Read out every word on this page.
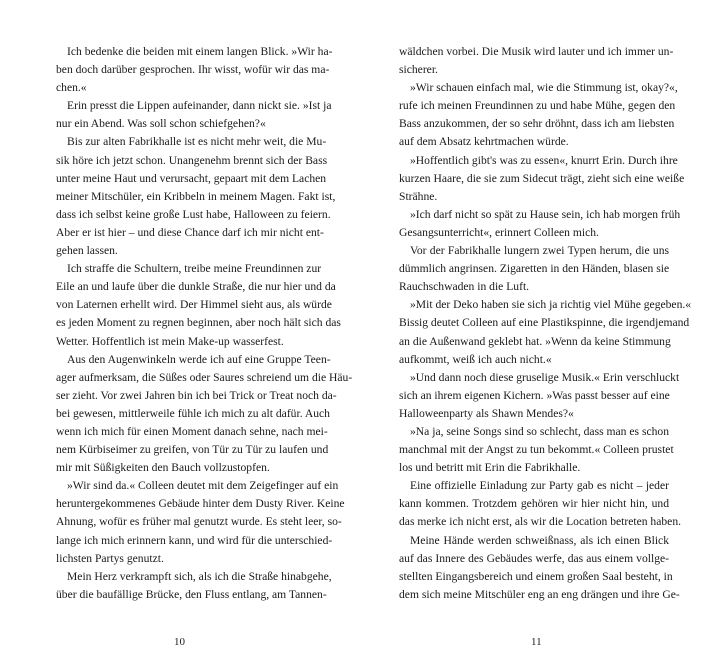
Ich bedenke die beiden mit einem langen Blick. »Wir ha-
ben doch darüber gesprochen. Ihr wisst, wofür wir das ma-
chen.«
Erin presst die Lippen aufeinander, dann nickt sie. »Ist ja
nur ein Abend. Was soll schon schiefgehen?«
Bis zur alten Fabrikhalle ist es nicht mehr weit, die Mu-
sik höre ich jetzt schon. Unangenehm brennt sich der Bass
unter meine Haut und verursacht, gepaart mit dem Lachen
meiner Mitschüler, ein Kribbeln in meinem Magen. Fakt ist,
dass ich selbst keine große Lust habe, Halloween zu feiern.
Aber er ist hier – und diese Chance darf ich mir nicht ent-
gehen lassen.
Ich straffe die Schultern, treibe meine Freundinnen zur
Eile an und laufe über die dunkle Straße, die nur hier und da
von Laternen erhellt wird. Der Himmel sieht aus, als würde
es jeden Moment zu regnen beginnen, aber noch hält sich das
Wetter. Hoffentlich ist mein Make-up wasserfest.
Aus den Augenwinkeln werde ich auf eine Gruppe Teen-
ager aufmerksam, die Süßes oder Saures schreiend um die Häu-
ser zieht. Vor zwei Jahren bin ich bei Trick or Treat noch da-
bei gewesen, mittlerweile fühle ich mich zu alt dafür. Auch
wenn ich mich für einen Moment danach sehne, nach mei-
nem Kürbiseimer zu greifen, von Tür zu Tür zu laufen und
mir mit Süßigkeiten den Bauch vollzustopfen.
»Wir sind da.« Colleen deutet mit dem Zeigefinger auf ein
heruntergekommenes Gebäude hinter dem Dusty River. Keine
Ahnung, wofür es früher mal genutzt wurde. Es steht leer, so-
lange ich mich erinnern kann, und wird für die unterschied-
lichsten Partys genutzt.
Mein Herz verkrampft sich, als ich die Straße hinabgehe,
über die baufällige Brücke, den Fluss entlang, am Tannen-
wäldchen vorbei. Die Musik wird lauter und ich immer un-
sicherer.
»Wir schauen einfach mal, wie die Stimmung ist, okay?«,
rufe ich meinen Freundinnen zu und habe Mühe, gegen den
Bass anzukommen, der so sehr dröhnt, dass ich am liebsten
auf dem Absatz kehrtmachen würde.
»Hoffentlich gibt's was zu essen«, knurrt Erin. Durch ihre
kurzen Haare, die sie zum Sidecut trägt, zieht sich eine weiße
Strähne.
»Ich darf nicht so spät zu Hause sein, ich hab morgen früh
Gesangsunterricht«, erinnert Colleen mich.
Vor der Fabrikhalle lungern zwei Typen herum, die uns
dümmlich angrinsen. Zigaretten in den Händen, blasen sie
Rauchschwaden in die Luft.
»Mit der Deko haben sie sich ja richtig viel Mühe gegeben.«
Bissig deutet Colleen auf eine Plastikspinne, die irgendjemand
an die Außenwand geklebt hat. »Wenn da keine Stimmung
aufkommt, weiß ich auch nicht.«
»Und dann noch diese gruselige Musik.« Erin verschluckt
sich an ihrem eigenen Kichern. »Was passt besser auf eine
Halloweenparty als Shawn Mendes?«
»Na ja, seine Songs sind so schlecht, dass man es schon
manchmal mit der Angst zu tun bekommt.« Colleen prustet
los und betritt mit Erin die Fabrikhalle.
Eine offizielle Einladung zur Party gab es nicht – jeder
kann kommen. Trotzdem gehören wir hier nicht hin, und
das merke ich nicht erst, als wir die Location betreten haben.
Meine Hände werden schweißnass, als ich einen Blick
auf das Innere des Gebäudes werfe, das aus einem vollge-
stellten Eingangsbereich und einem großen Saal besteht, in
dem sich meine Mitschüler eng an eng drängen und ihre Ge-
10	11
